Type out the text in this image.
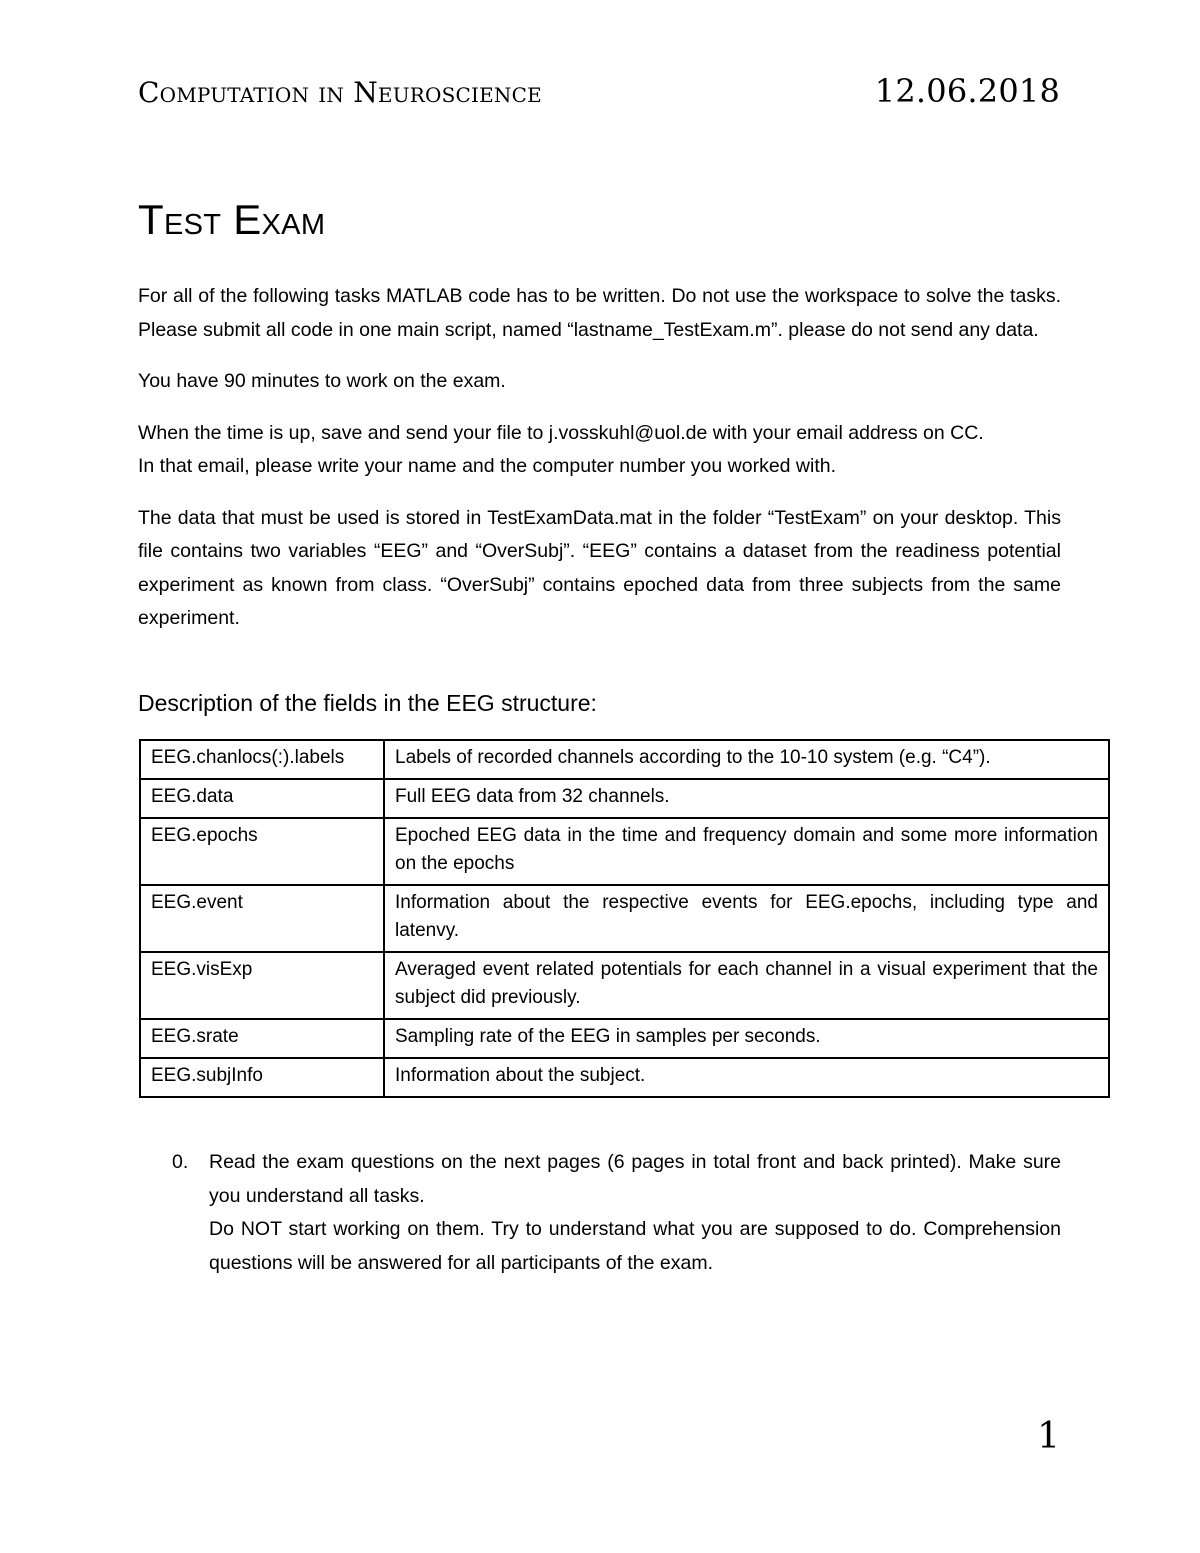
Computation in Neuroscience	12.06.2018
Test Exam

For all of the following tasks MATLAB code has to be written. Do not use the workspace to solve the tasks. Please submit all code in one main script, named “lastname_TestExam.m”. please do not send any data.

You have 90 minutes to work on the exam.

When the time is up, save and send your file to j.vosskuhl@uol.de with your email address on CC.
In that email, please write your name and the computer number you worked with.

The data that must be used is stored in TestExamData.mat in the folder “TestExam” on your desktop. This file contains two variables “EEG” and “OverSubj”. “EEG” contains a dataset from the readiness potential experiment as known from class. “OverSubj” contains epoched data from three subjects from the same experiment.

Description of the fields in the EEG structure:
EEG.chanlocs(:).labels	Labels of recorded channels according to the 10-10 system (e.g. “C4”).
EEG.data	Full EEG data from 32 channels.
EEG.epochs	Epoched EEG data in the time and frequency domain and some more information on the epochs
EEG.event	Information about the respective events for EEG.epochs, including type and latenvy.
EEG.visExp	Averaged event related potentials for each channel in a visual experiment that the subject did previously.
EEG.srate	Sampling rate of the EEG in samples per seconds.
EEG.subjInfo	Information about the subject.
0.	Read the exam questions on the next pages (6 pages in total front and back printed). Make sure you understand all tasks.

Do NOT start working on them. Try to understand what you are supposed to do. Comprehension questions will be answered for all participants of the exam.

1
